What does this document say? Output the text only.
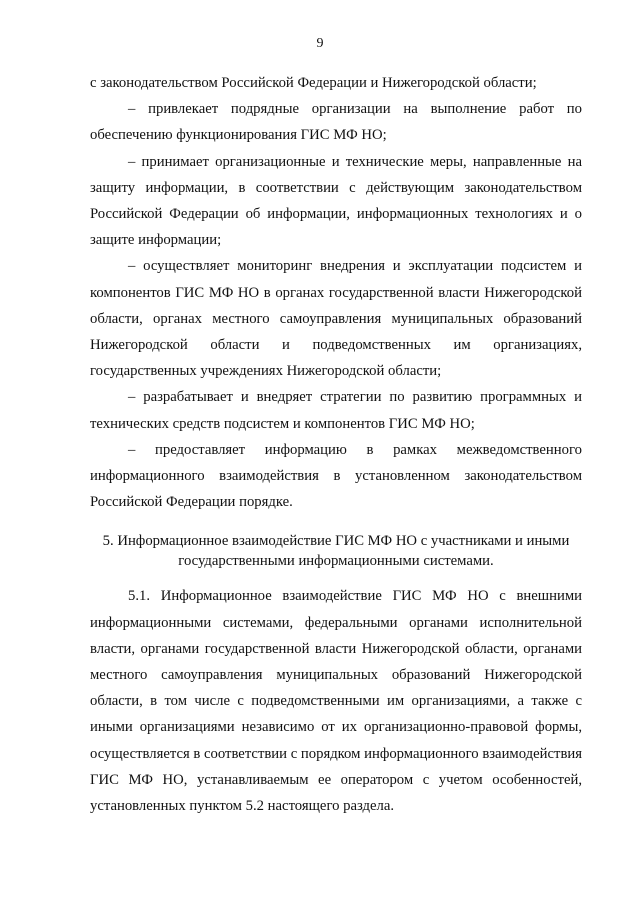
9

с законодательством Российской Федерации и Нижегородской области;

– привлекает подрядные организации на выполнение работ по обеспечению функционирования ГИС МФ НО;

– принимает организационные и технические меры, направленные на защиту информации, в соответствии с действующим законодательством Российской Федерации об информации, информационных технологиях и о защите информации;

– осуществляет мониторинг внедрения и эксплуатации подсистем и компонентов ГИС МФ НО в органах государственной власти Нижегородской области, органах местного самоуправления муниципальных образований Нижегородской области и подведомственных им организациях, государственных учреждениях Нижегородской области;

– разрабатывает и внедряет стратегии по развитию программных и технических средств подсистем и компонентов ГИС МФ НО;

– предоставляет информацию в рамках межведомственного информационного взаимодействия в установленном законодательством Российской Федерации порядке.

5. Информационное взаимодействие ГИС МФ НО с участниками и иными
государственными информационными системами.

5.1. Информационное взаимодействие ГИС МФ НО с внешними информационными системами, федеральными органами исполнительной власти, органами государственной власти Нижегородской области, органами местного самоуправления муниципальных образований Нижегородской области, в том числе с подведомственными им организациями, а также с иными организациями независимо от их организационно-правовой формы, осуществляется в соответствии с порядком информационного взаимодействия ГИС МФ НО, устанавливаемым ее оператором с учетом особенностей, установленных пунктом 5.2 настоящего раздела.
